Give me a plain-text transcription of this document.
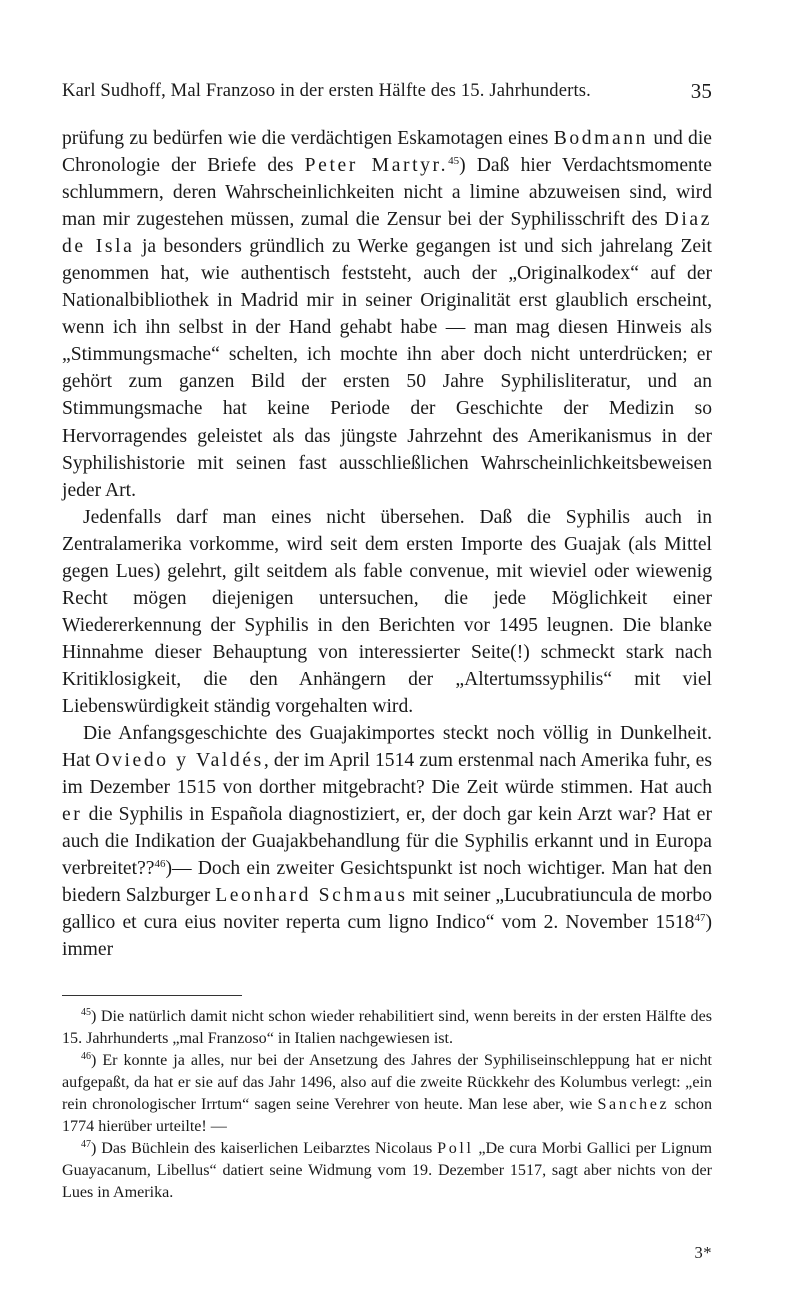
Karl Sudhoff, Mal Franzoso in der ersten Hälfte des 15. Jahrhunderts.	35

prüfung zu bedürfen wie die verdächtigen Eskamotagen eines Bodmann und die Chronologie der Briefe des Peter Martyr.$^{45}$) Daß hier Verdachtsmomente schlummern, deren Wahrscheinlichkeiten nicht a limine abzuweisen sind, wird man mir zugestehen müssen, zumal die Zensur bei der Syphilisschrift des Diaz de Isla ja besonders gründlich zu Werke gegangen ist und sich jahrelang Zeit genommen hat, wie authentisch feststeht, auch der „Originalkodex“ auf der Nationalbibliothek in Madrid mir in seiner Originalität erst glaublich erscheint, wenn ich ihn selbst in der Hand gehabt habe — man mag diesen Hinweis als „Stimmungsmache“ schelten, ich mochte ihn aber doch nicht unterdrücken; er gehört zum ganzen Bild der ersten 50 Jahre Syphilisliteratur, und an Stimmungsmache hat keine Periode der Geschichte der Medizin so Hervorragendes geleistet als das jüngste Jahrzehnt des Amerikanismus in der Syphilishistorie mit seinen fast ausschließlichen Wahrscheinlichkeitsbeweisen jeder Art.

Jedenfalls darf man eines nicht übersehen. Daß die Syphilis auch in Zentralamerika vorkomme, wird seit dem ersten Importe des Guajak (als Mittel gegen Lues) gelehrt, gilt seitdem als fable convenue, mit wieviel oder wiewenig Recht mögen diejenigen untersuchen, die jede Möglichkeit einer Wiedererkennung der Syphilis in den Berichten vor 1495 leugnen. Die blanke Hinnahme dieser Behauptung von interessierter Seite(!) schmeckt stark nach Kritiklosigkeit, die den Anhängern der „Altertumssyphilis“ mit viel Liebenswürdigkeit ständig vorgehalten wird.

Die Anfangsgeschichte des Guajakimportes steckt noch völlig in Dunkelheit. Hat Oviedo y Valdés, der im April 1514 zum erstenmal nach Amerika fuhr, es im Dezember 1515 von dorther mitgebracht? Die Zeit würde stimmen. Hat auch er die Syphilis in Española diagnostiziert, er, der doch gar kein Arzt war? Hat er auch die Indikation der Guajakbehandlung für die Syphilis erkannt und in Europa verbreitet??$^{46}$)— Doch ein zweiter Gesichtspunkt ist noch wichtiger. Man hat den biedern Salzburger Leonhard Schmaus mit seiner „Lucubratiuncula de morbo gallico et cura eius noviter reperta cum ligno Indico“ vom 2. November 1518$^{47}$) immer

$^{45}$) Die natürlich damit nicht schon wieder rehabilitiert sind, wenn bereits in der ersten Hälfte des 15. Jahrhunderts „mal Franzoso“ in Italien nachgewiesen ist.

$^{46}$) Er konnte ja alles, nur bei der Ansetzung des Jahres der Syphiliseinschleppung hat er nicht aufgepaßt, da hat er sie auf das Jahr 1496, also auf die zweite Rückkehr des Kolumbus verlegt: „ein rein chronologischer Irrtum“ sagen seine Verehrer von heute. Man lese aber, wie Sanchez schon 1774 hierüber urteilte! —

$^{47}$) Das Büchlein des kaiserlichen Leibarztes Nicolaus Poll „De cura Morbi Gallici per Lignum Guayacanum, Libellus“ datiert seine Widmung vom 19. Dezember 1517, sagt aber nichts von der Lues in Amerika.

3*
